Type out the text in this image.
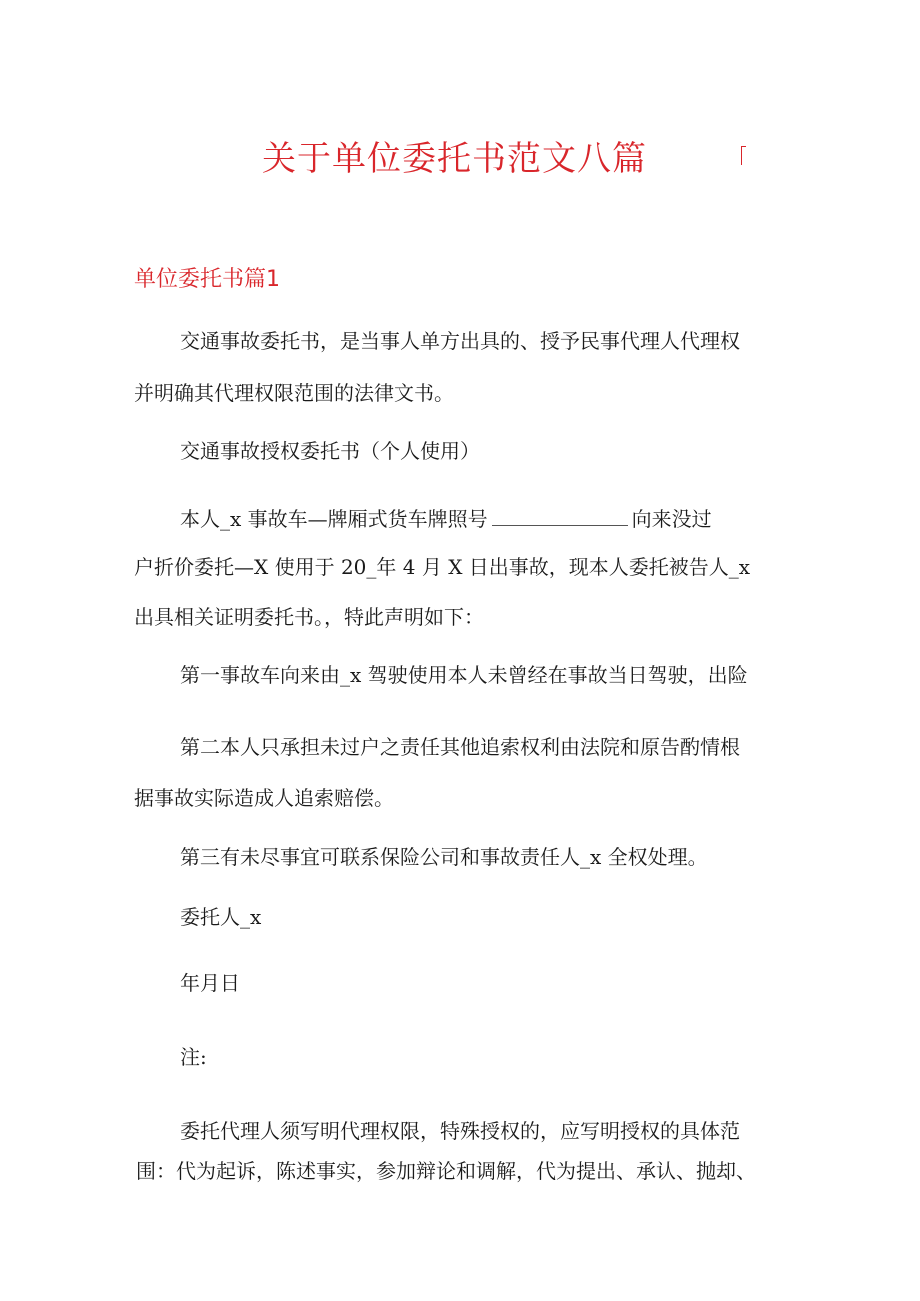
关于单位委托书范文八篇
单位委托书篇1

交通事故委托书，是当事人单方出具的、授予民事代理人代理权

并明确其代理权限范围的法律文书。

交通事故授权委托书（个人使用）

本人_x 事故车—牌厢式货车牌照号	向来没过

户折价委托—X 使用于 20_年 4 月 X 日出事故，现本人委托被告人_x

出具相关证明委托书。，特此声明如下：

第一事故车向来由_x 驾驶使用本人未曾经在事故当日驾驶，出险

第二本人只承担未过户之责任其他追索权利由法院和原告酌情根

据事故实际造成人追索赔偿。

第三有未尽事宜可联系保险公司和事故责任人_x 全权处理。

委托人_x

年月日

注:

委托代理人须写明代理权限，特殊授权的，应写明授权的具体范

围：代为起诉，陈述事实，参加辩论和调解，代为提出、承认、抛却、
